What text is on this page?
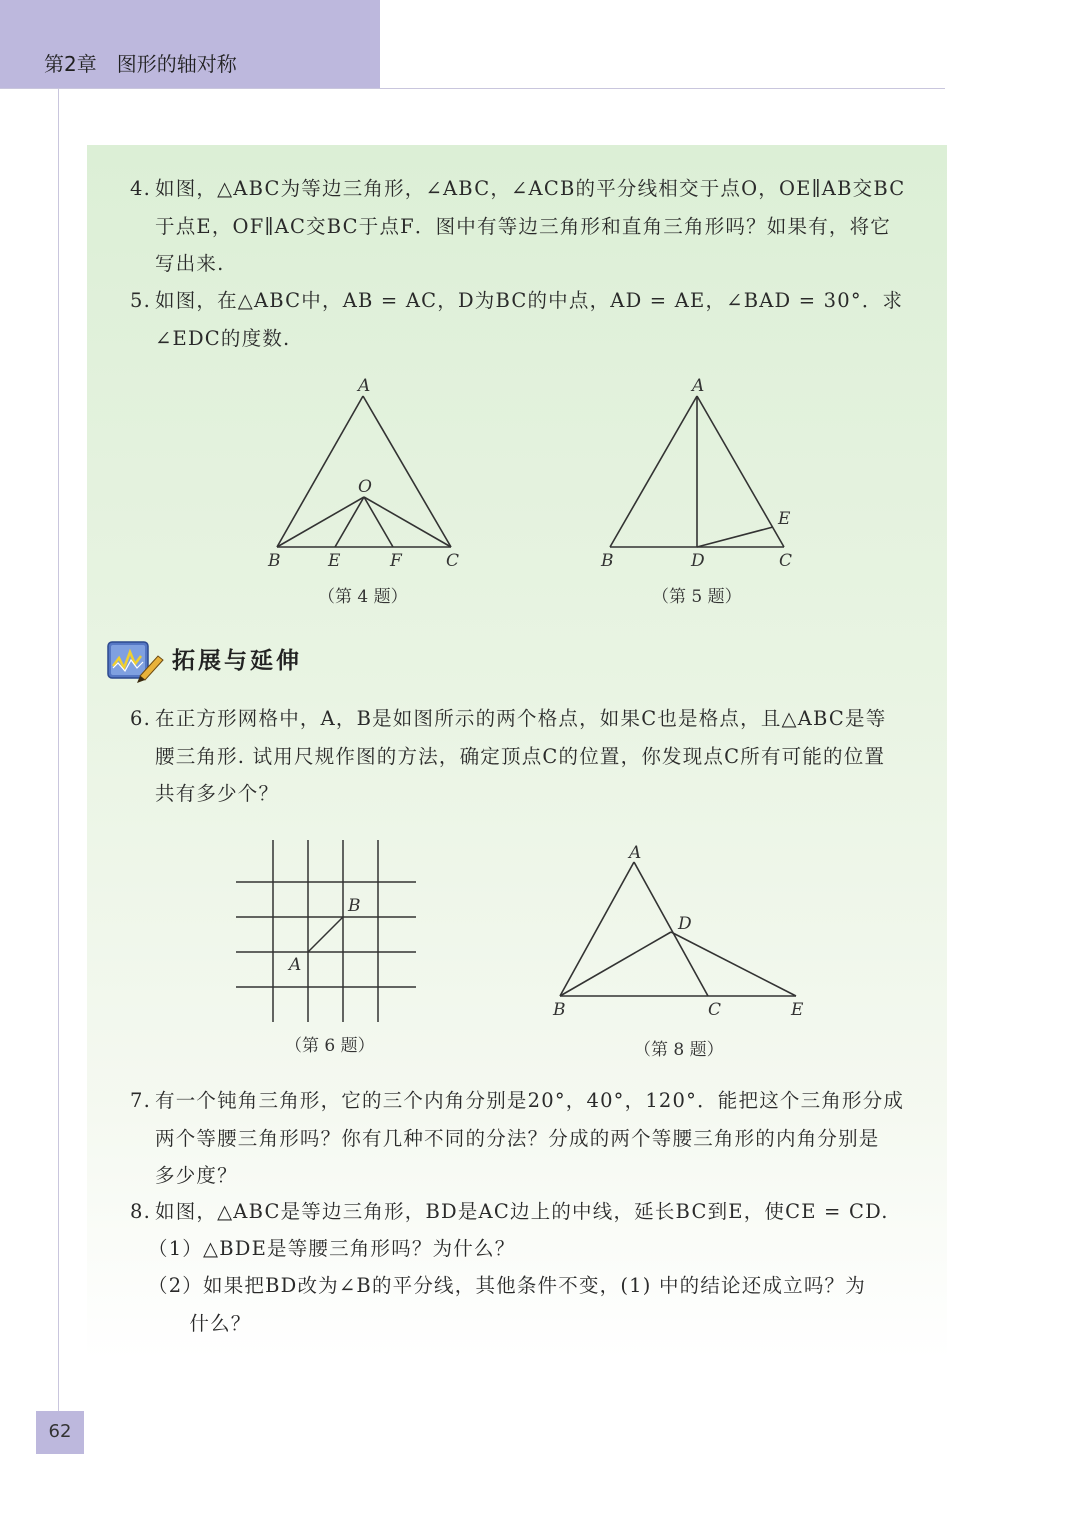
第2章　图形的轴对称
4. 如图，△ABC为等边三角形，∠ABC，∠ACB的平分线相交于点O，OE∥AB交BC
于点E，OF∥AC交BC于点F．图中有等边三角形和直角三角形吗？如果有，将它
写出来.
5. 如图，在△ABC中，AB = AC，D为BC的中点，AD = AE，∠BAD = 30°．求
∠EDC的度数.
A
O
B	E	F	C
A
E
B	D	C
（第 4 题）	（第 5 题）
拓展与延伸
6. 在正方形网格中，A，B是如图所示的两个格点，如果C也是格点，且△ABC是等
腰三角形. 试用尺规作图的方法，确定顶点C的位置，你发现点C所有可能的位置
共有多少个？
B
A
A
D
B	C	E
（第 6 题）	（第 8 题）
7. 有一个钝角三角形，它的三个内角分别是20°，40°，120°．能把这个三角形分成
两个等腰三角形吗？你有几种不同的分法？分成的两个等腰三角形的内角分别是
多少度？
8. 如图，△ABC是等边三角形，BD是AC边上的中线，延长BC到E，使CE = CD.
（1）△BDE是等腰三角形吗？为什么？
（2）如果把BD改为∠B的平分线，其他条件不变，(1) 中的结论还成立吗？为
　　什么？
62
